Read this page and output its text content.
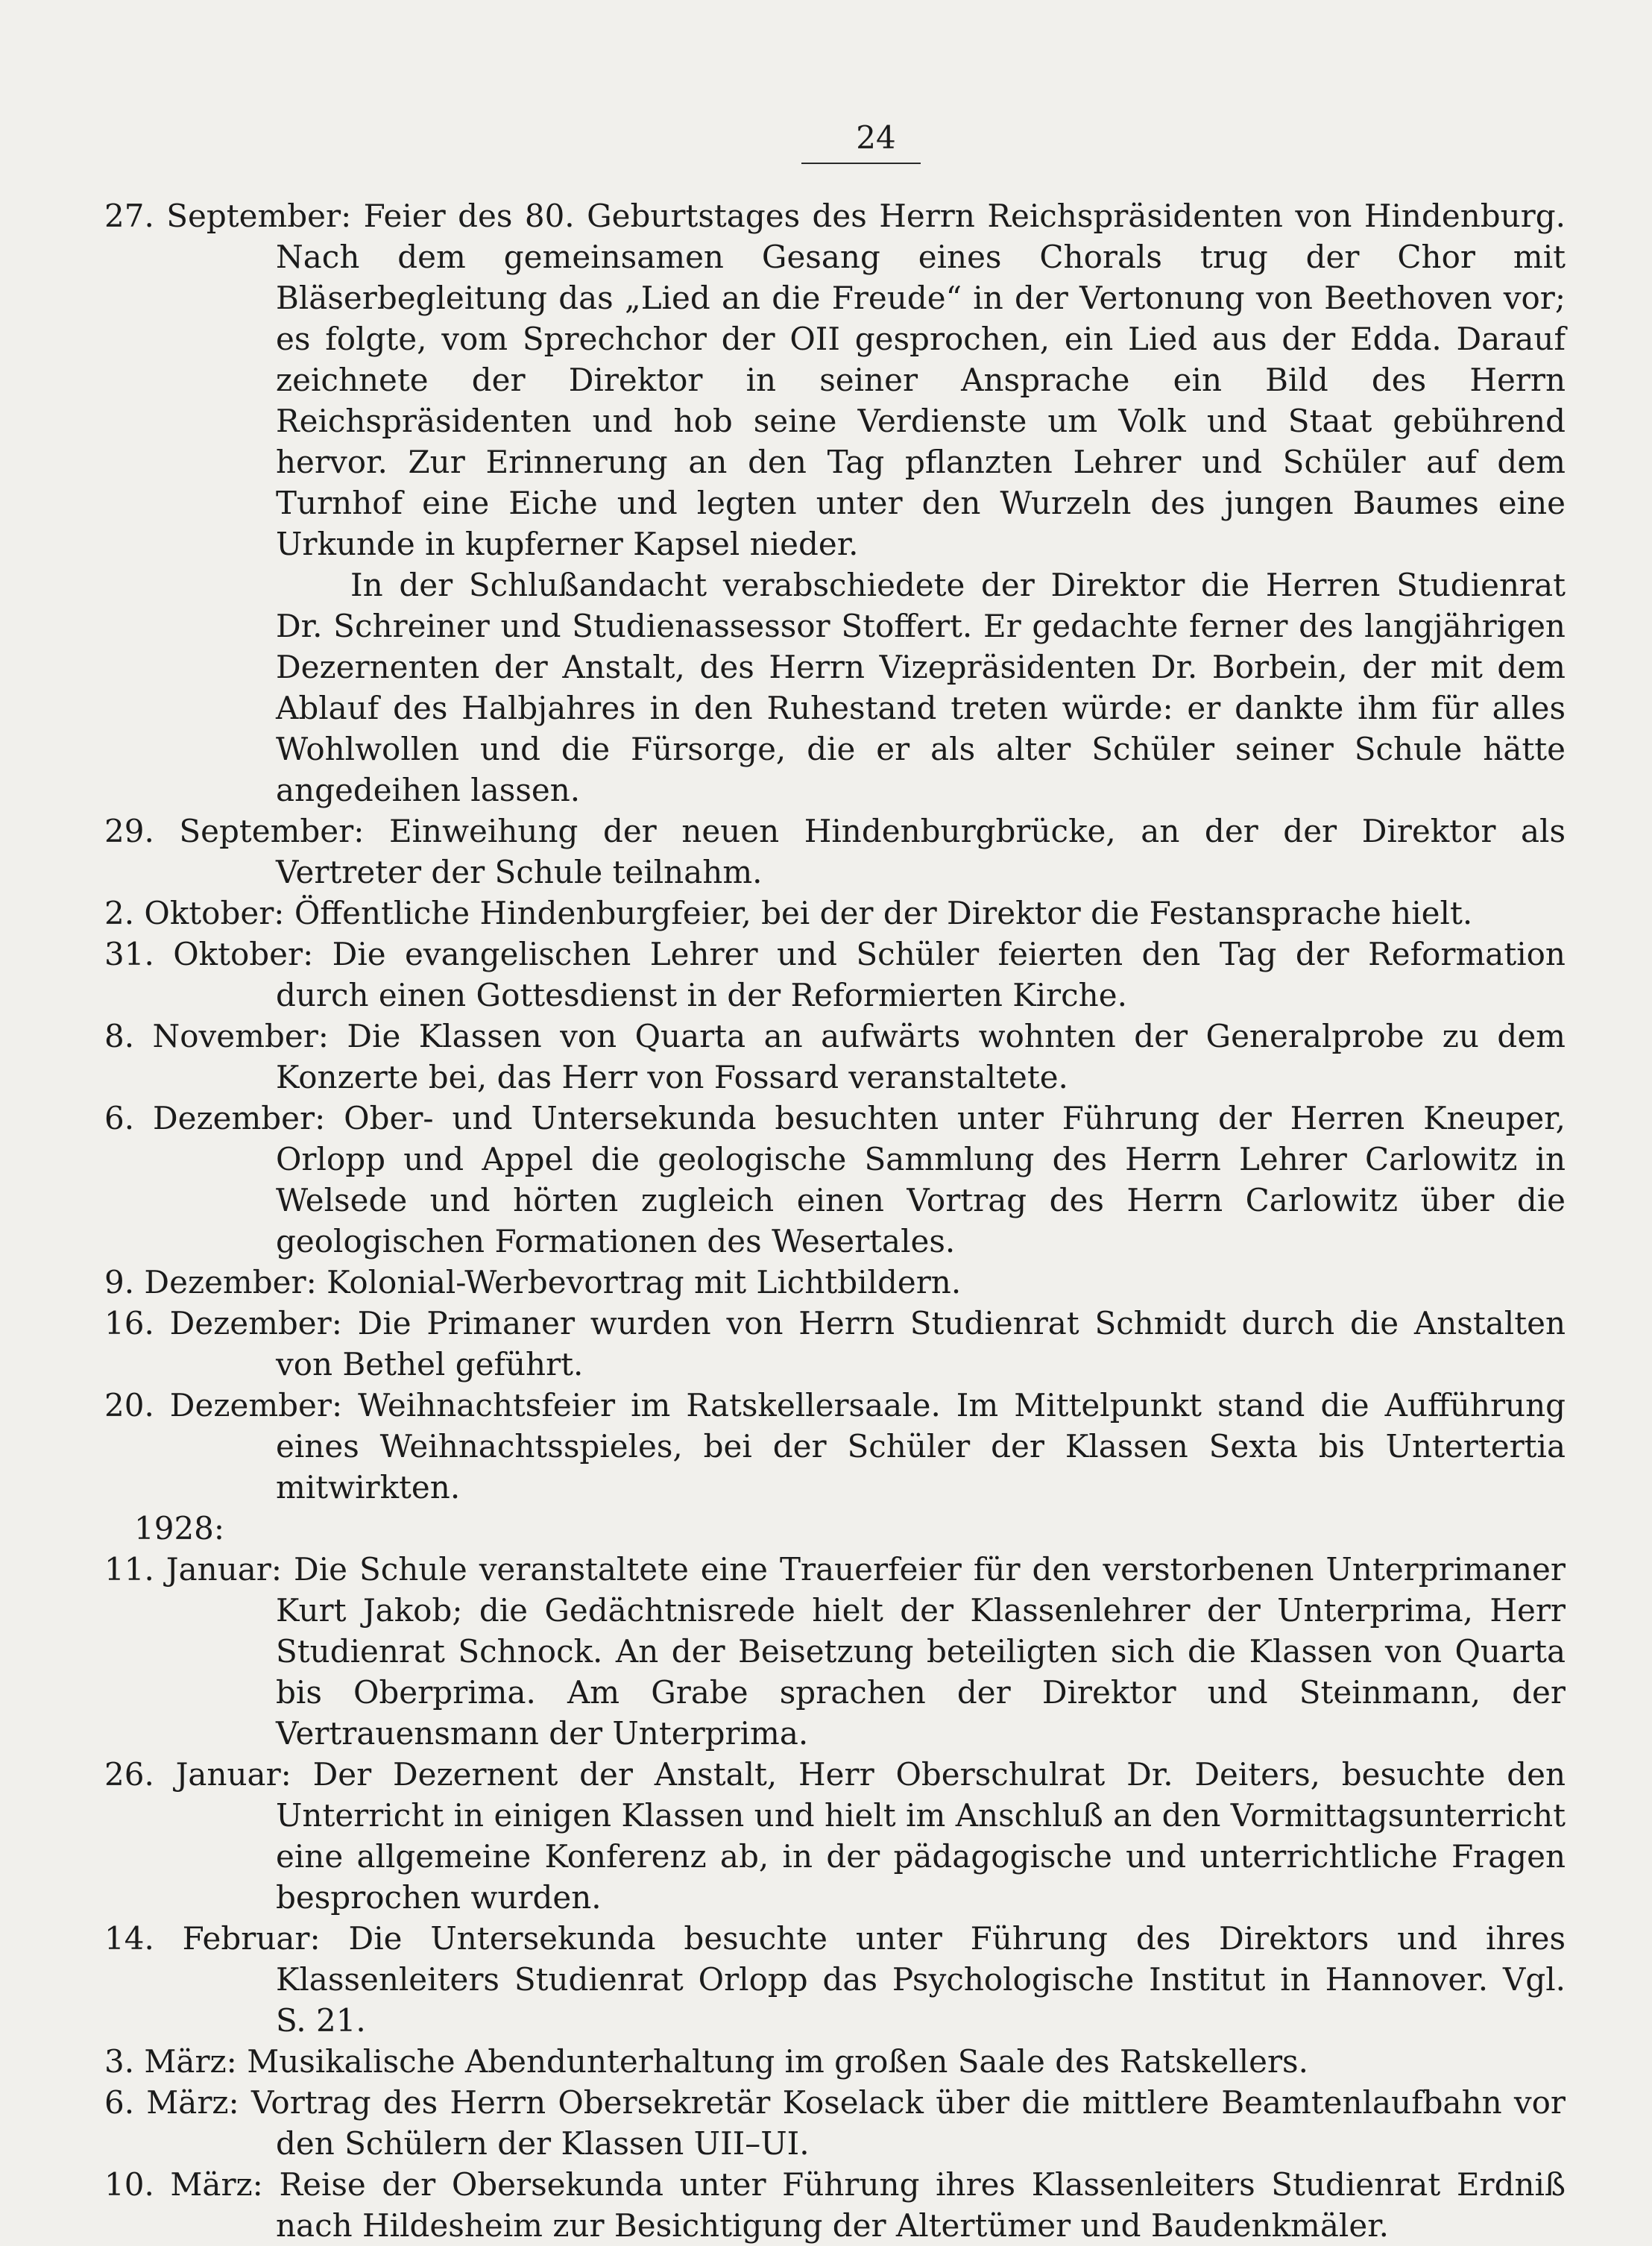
24

27. September: Feier des 80. Geburtstages des Herrn Reichspräsidenten von Hindenburg. Nach dem gemeinsamen Gesang eines Chorals trug der Chor mit Bläserbegleitung das „Lied an die Freude“ in der Vertonung von Beethoven vor; es folgte, vom Sprechchor der OII gesprochen, ein Lied aus der Edda. Darauf zeichnete der Direktor in seiner Ansprache ein Bild des Herrn Reichspräsidenten und hob seine Verdienste um Volk und Staat gebührend hervor. Zur Erinnerung an den Tag pflanzten Lehrer und Schüler auf dem Turnhof eine Eiche und legten unter den Wurzeln des jungen Baumes eine Urkunde in kupferner Kapsel nieder.
In der Schlußandacht verabschiedete der Direktor die Herren Studienrat Dr. Schreiner und Studienassessor Stoffert. Er gedachte ferner des langjährigen Dezernenten der Anstalt, des Herrn Vizepräsidenten Dr. Borbein, der mit dem Ablauf des Halbjahres in den Ruhestand treten würde: er dankte ihm für alles Wohlwollen und die Fürsorge, die er als alter Schüler seiner Schule hätte angedeihen lassen.

29. September: Einweihung der neuen Hindenburgbrücke, an der der Direktor als Vertreter der Schule teilnahm.

2. Oktober: Öffentliche Hindenburgfeier, bei der der Direktor die Festansprache hielt.

31. Oktober: Die evangelischen Lehrer und Schüler feierten den Tag der Reformation durch einen Gottesdienst in der Reformierten Kirche.

8. November: Die Klassen von Quarta an aufwärts wohnten der Generalprobe zu dem Konzerte bei, das Herr von Fossard veranstaltete.

6. Dezember: Ober- und Untersekunda besuchten unter Führung der Herren Kneuper, Orlopp und Appel die geologische Sammlung des Herrn Lehrer Carlowitz in Welsede und hörten zugleich einen Vortrag des Herrn Carlowitz über die geologischen Formationen des Wesertales.

9. Dezember: Kolonial-Werbevortrag mit Lichtbildern.

16. Dezember: Die Primaner wurden von Herrn Studienrat Schmidt durch die Anstalten von Bethel geführt.

20. Dezember: Weihnachtsfeier im Ratskellersaale. Im Mittelpunkt stand die Aufführung eines Weihnachtsspieles, bei der Schüler der Klassen Sexta bis Untertertia mitwirkten.

1928:

11. Januar: Die Schule veranstaltete eine Trauerfeier für den verstorbenen Unterprimaner Kurt Jakob; die Gedächtnisrede hielt der Klassenlehrer der Unterprima, Herr Studienrat Schnock. An der Beisetzung beteiligten sich die Klassen von Quarta bis Oberprima. Am Grabe sprachen der Direktor und Steinmann, der Vertrauensmann der Unterprima.

26. Januar: Der Dezernent der Anstalt, Herr Oberschulrat Dr. Deiters, besuchte den Unterricht in einigen Klassen und hielt im Anschluß an den Vormittagsunterricht eine allgemeine Konferenz ab, in der pädagogische und unterrichtliche Fragen besprochen wurden.

14. Februar: Die Untersekunda besuchte unter Führung des Direktors und ihres Klassenleiters Studienrat Orlopp das Psychologische Institut in Hannover. Vgl. S. 21.

3. März: Musikalische Abendunterhaltung im großen Saale des Ratskellers.

6. März: Vortrag des Herrn Obersekretär Koselack über die mittlere Beamtenlaufbahn vor den Schülern der Klassen UII–UI.

10. März: Reise der Obersekunda unter Führung ihres Klassenleiters Studienrat Erdniß nach Hildesheim zur Besichtigung der Altertümer und Baudenkmäler.
